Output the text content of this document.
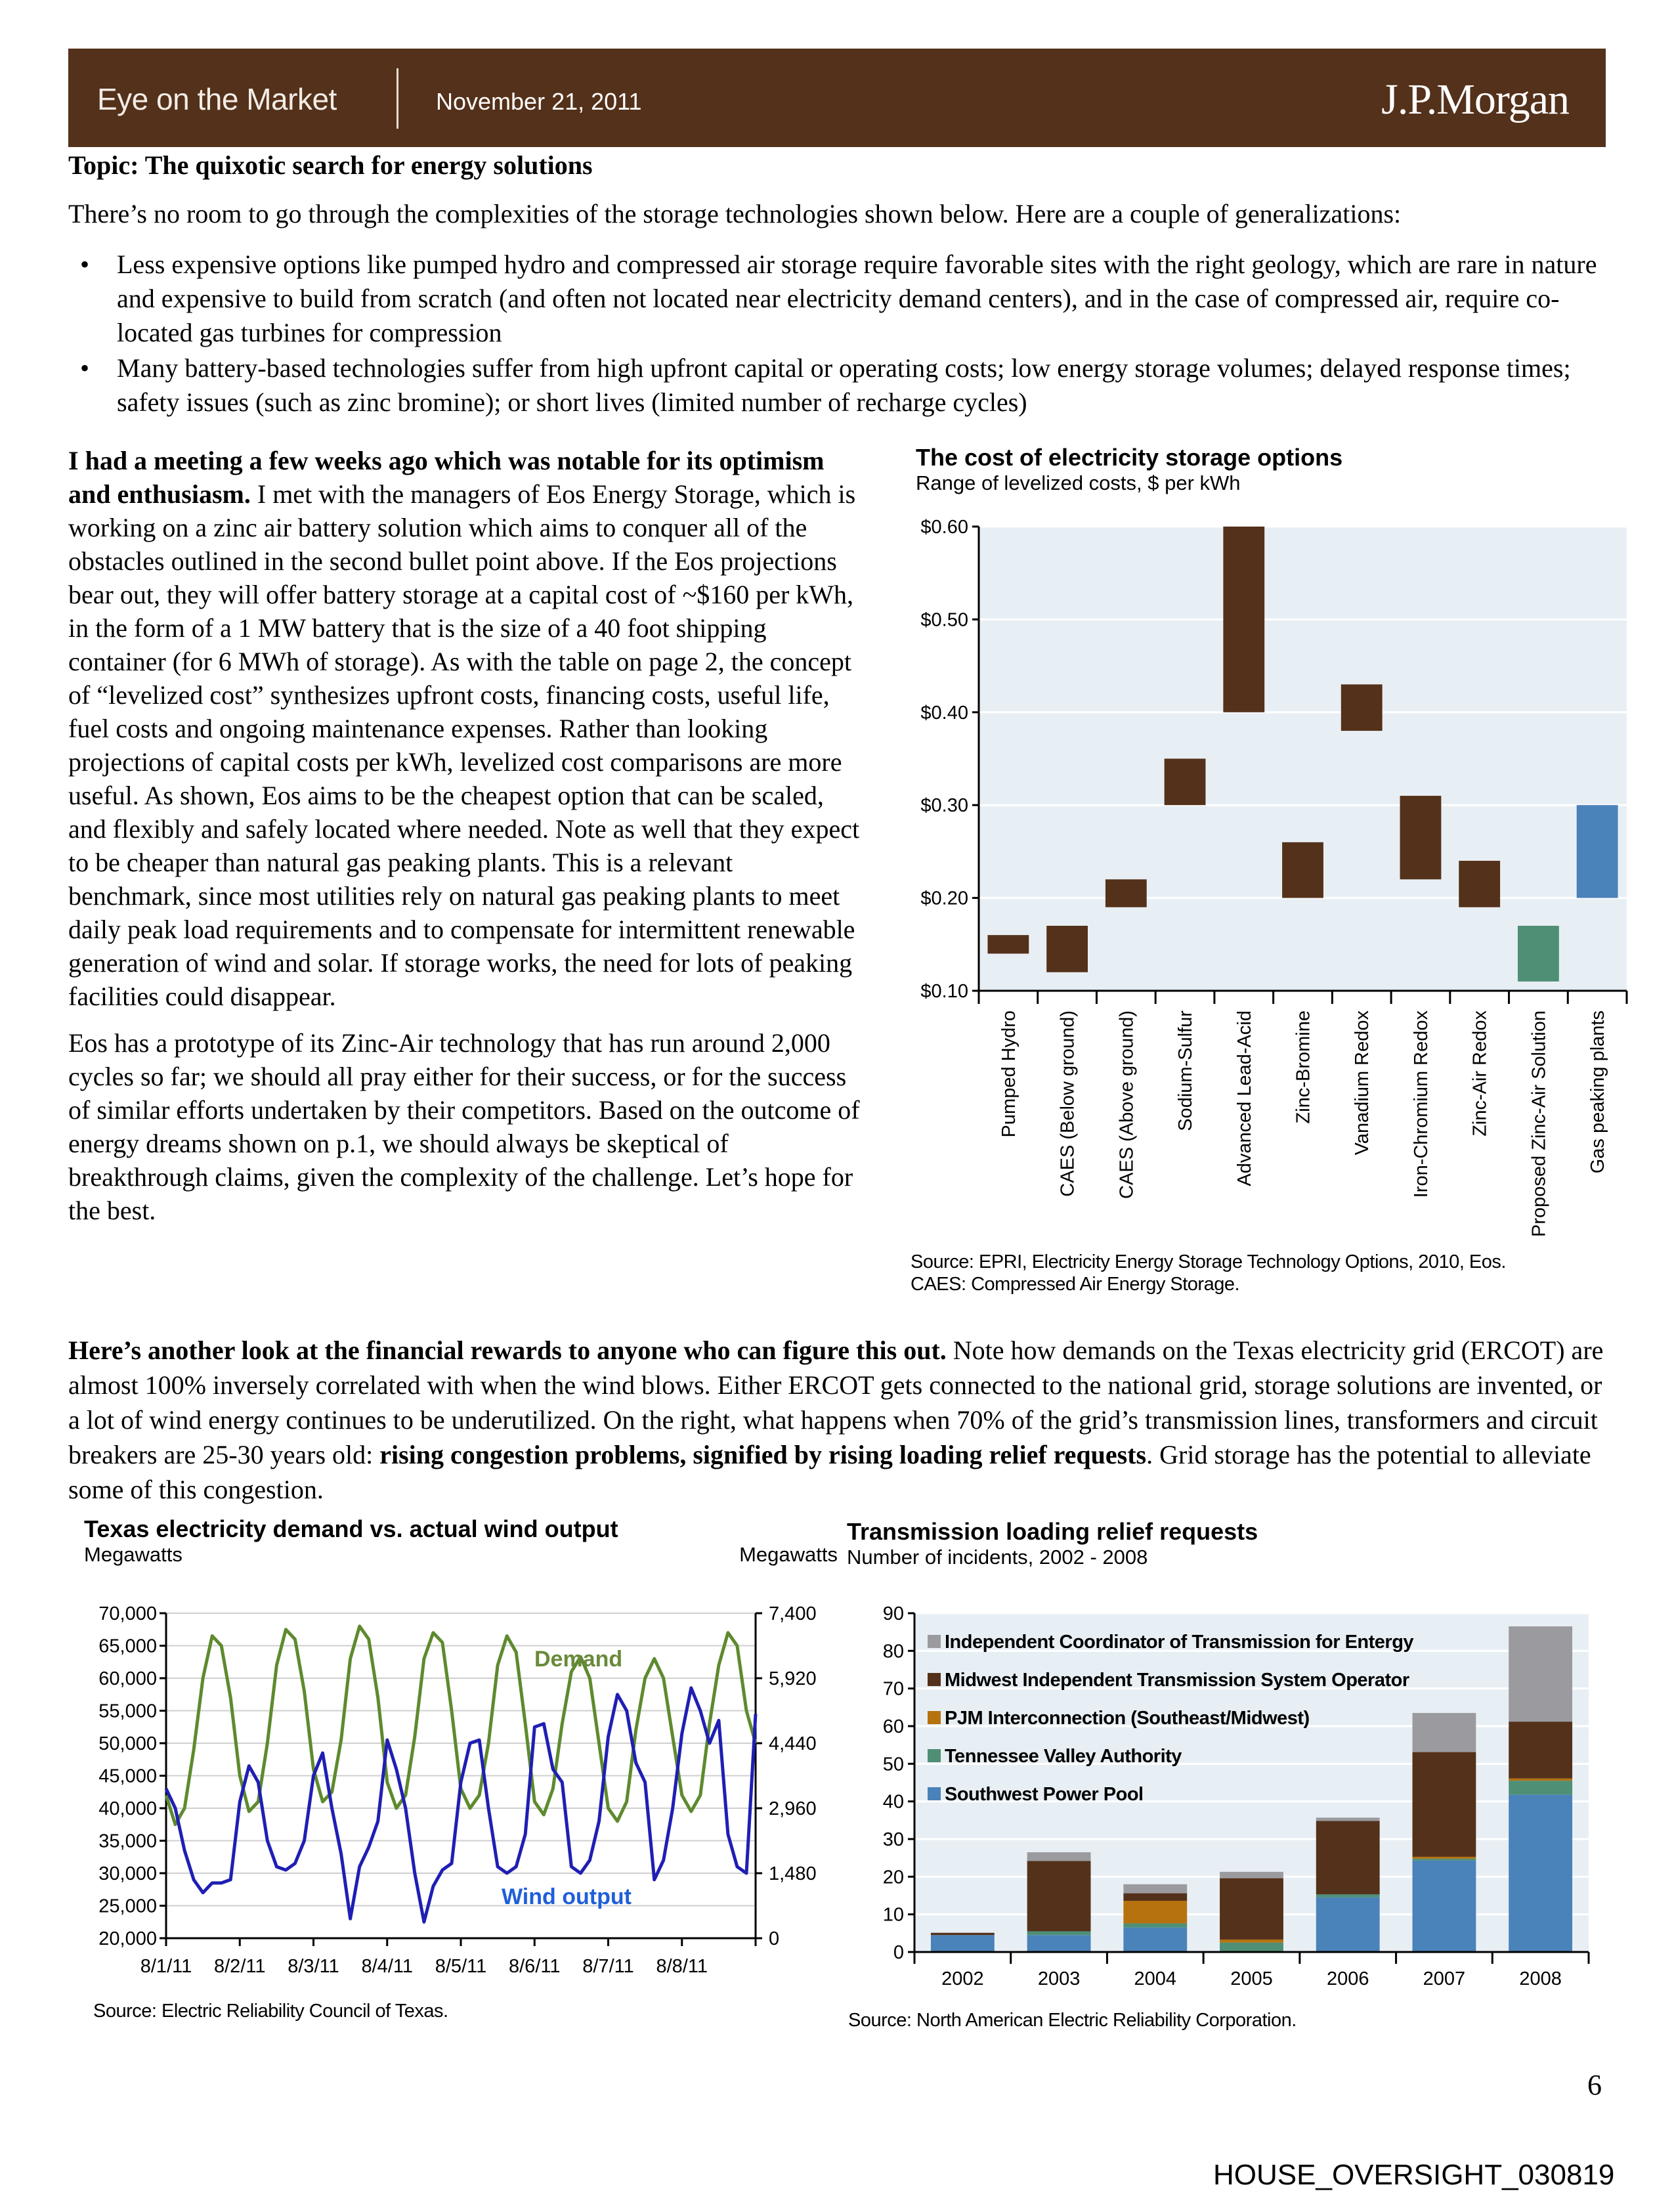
Eye on the Market	November 21, 2011	J.P.Morgan
Topic: The quixotic search for energy solutions
There’s no room to go through the complexities of the storage technologies shown below. Here are a couple of generalizations:
• Less expensive options like pumped hydro and compressed air storage require favorable sites with the right geology, which are rare in nature and expensive to build from scratch (and often not located near electricity demand centers), and in the case of compressed air, require co-located gas turbines for compression
• Many battery-based technologies suffer from high upfront capital or operating costs; low energy storage volumes; delayed response times; safety issues (such as zinc bromine); or short lives (limited number of recharge cycles)

I had a meeting a few weeks ago which was notable for its optimism and enthusiasm. I met with the managers of Eos Energy Storage, which is working on a zinc air battery solution which aims to conquer all of the obstacles outlined in the second bullet point above. If the Eos projections bear out, they will offer battery storage at a capital cost of ~$160 per kWh, in the form of a 1 MW battery that is the size of a 40 foot shipping container (for 6 MWh of storage). As with the table on page 2, the concept of “levelized cost” synthesizes upfront costs, financing costs, useful life, fuel costs and ongoing maintenance expenses. Rather than looking projections of capital costs per kWh, levelized cost comparisons are more useful. As shown, Eos aims to be the cheapest option that can be scaled, and flexibly and safely located where needed. Note as well that they expect to be cheaper than natural gas peaking plants. This is a relevant benchmark, since most utilities rely on natural gas peaking plants to meet daily peak load requirements and to compensate for intermittent renewable generation of wind and solar. If storage works, the need for lots of peaking facilities could disappear.

Eos has a prototype of its Zinc-Air technology that has run around 2,000 cycles so far; we should all pray either for their success, or for the success of similar efforts undertaken by their competitors. Based on the outcome of energy dreams shown on p.1, we should always be skeptical of breakthrough claims, given the complexity of the challenge. Let’s hope for the best.

The cost of electricity storage options
Range of levelized costs, $ per kWh
$0.10
$0.20
$0.30
$0.40
$0.50
$0.60
Pumped Hydro CAES (Below ground) CAES (Above ground) Sodium-Sulfur Advanced Lead-Acid Zinc-Bromine Vanadium Redox Iron-Chromium Redox Zinc-Air Redox Proposed Zinc-Air Solution Gas peaking plants
Source: EPRI, Electricity Energy Storage Technology Options, 2010, Eos.
CAES: Compressed Air Energy Storage.
Here’s another look at the financial rewards to anyone who can figure this out. Note how demands on the Texas electricity grid (ERCOT) are almost 100% inversely correlated with when the wind blows. Either ERCOT gets connected to the national grid, storage solutions are invented, or a lot of wind energy continues to be underutilized. On the right, what happens when 70% of the grid’s transmission lines, transformers and circuit breakers are 25-30 years old: rising congestion problems, signified by rising loading relief requests. Grid storage has the potential to alleviate some of this congestion.
Texas electricity demand vs. actual wind output
Megawatts	Megawatts
70,000
65,000
60,000
55,000
50,000
45,000
40,000
35,000
30,000
25,000
20,000
7,400
5,920
4,440
2,960
1,480
0
8/1/11 8/2/11 8/3/11 8/4/11 8/5/11 8/6/11 8/7/11 8/8/11
Demand
Wind output
Source: Electric Reliability Council of Texas.
Transmission loading relief requests
Number of incidents, 2002 - 2008
0
10
20
30
40
50
60
70
80
90
2002	2003	2004	2005	2006	2007	2008
Independent Coordinator of Transmission for Entergy
Midwest Independent Transmission System Operator
PJM Interconnection (Southeast/Midwest)
Tennessee Valley Authority
Southwest Power Pool
Source: North American Electric Reliability Corporation.
6
HOUSE_OVERSIGHT_030819
